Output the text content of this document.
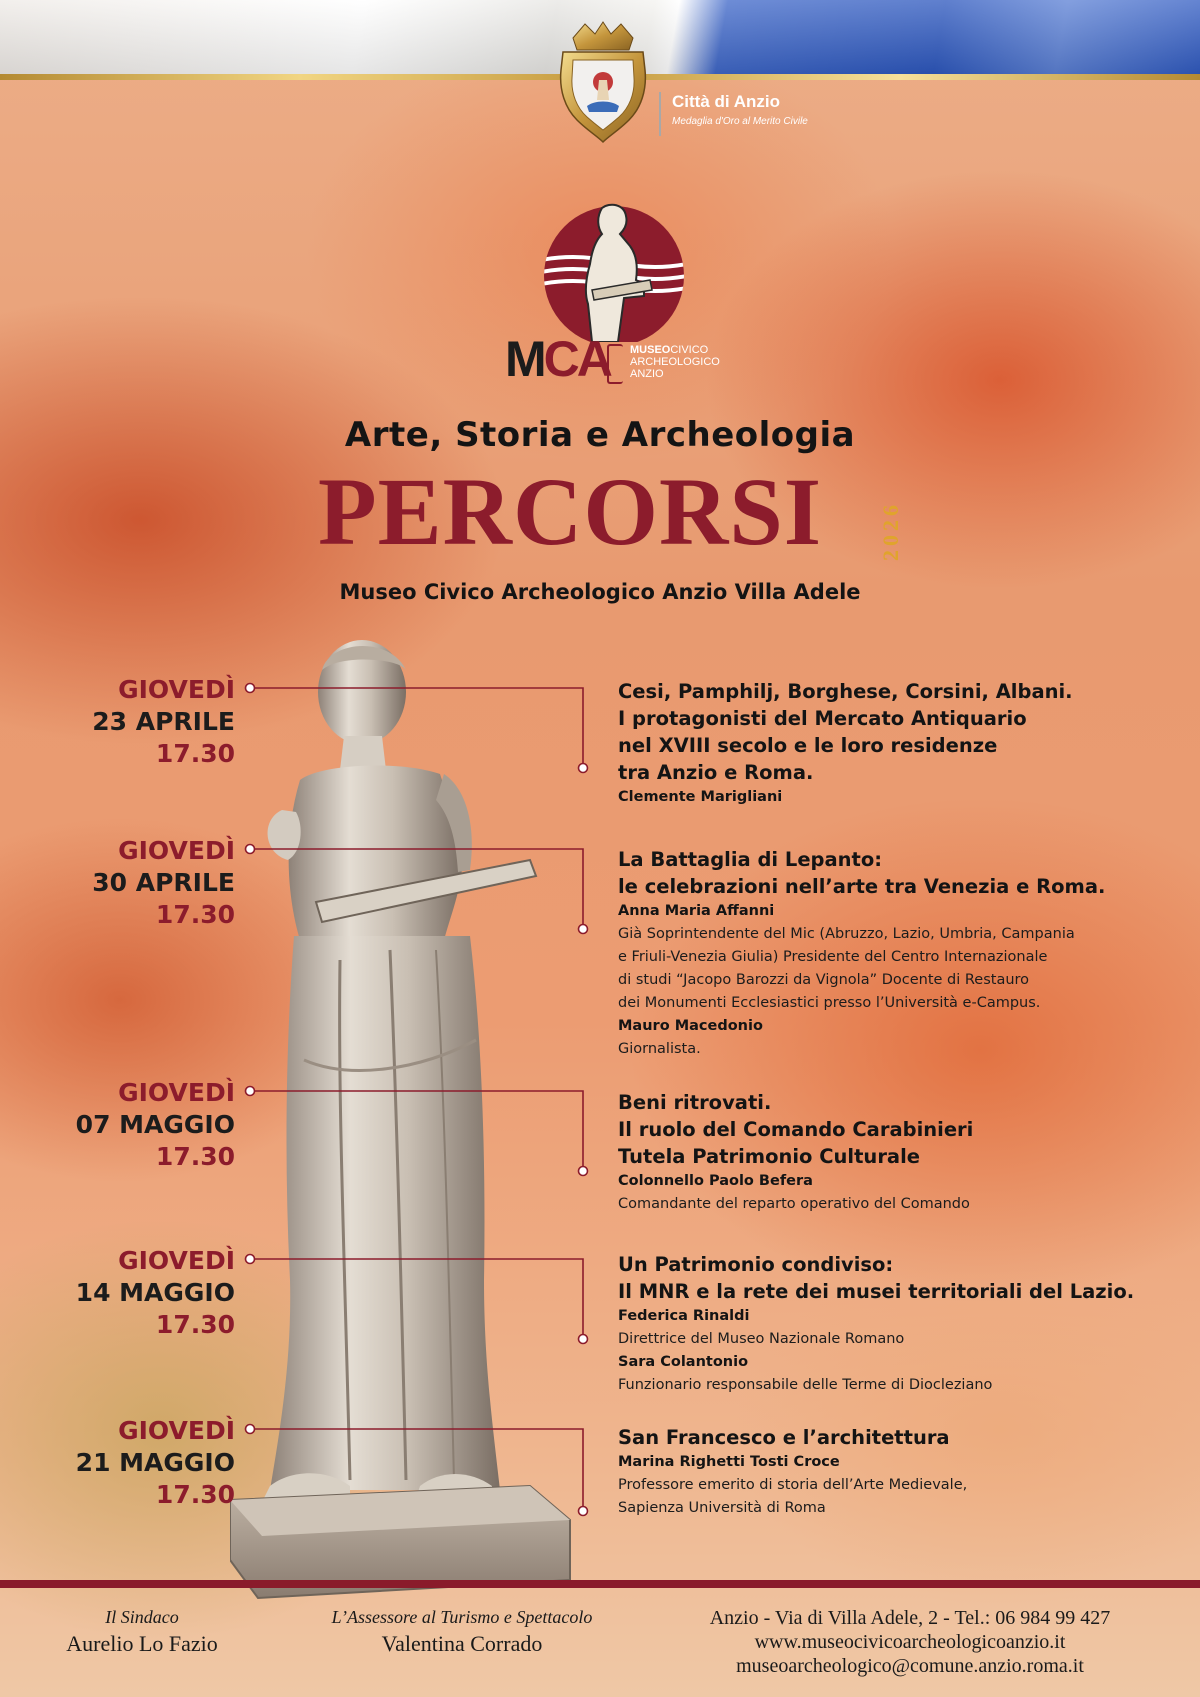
Città di Anzio
Medaglia d'Oro al Merito Civile
MCA MUSEOCIVICO
ARCHEOLOGICO
ANZIO
Arte, Storia e Archeologia
PERCORSI	2026
Museo Civico Archeologico Anzio Villa Adele
GIOVEDÌ
23 APRILE
17.30
GIOVEDÌ
30 APRILE
17.30
GIOVEDÌ
07 MAGGIO
17.30
GIOVEDÌ
14 MAGGIO
17.30
GIOVEDÌ
21 MAGGIO
17.30
Cesi, Pamphilj, Borghese, Corsini, Albani.
I protagonisti del Mercato Antiquario
nel XVIII secolo e le loro residenze
tra Anzio e Roma.
Clemente Marigliani
La Battaglia di Lepanto:
le celebrazioni nell’arte tra Venezia e Roma.
Anna Maria Affanni
Già Soprintendente del Mic (Abruzzo, Lazio, Umbria, Campania
e Friuli-Venezia Giulia) Presidente del Centro Internazionale
di studi “Jacopo Barozzi da Vignola” Docente di Restauro
dei Monumenti Ecclesiastici presso l’Università e-Campus.
Mauro Macedonio
Giornalista.
Beni ritrovati.
Il ruolo del Comando Carabinieri
Tutela Patrimonio Culturale
Colonnello Paolo Befera
Comandante del reparto operativo del Comando
Un Patrimonio condiviso:
Il MNR e la rete dei musei territoriali del Lazio.
Federica Rinaldi
Direttrice del Museo Nazionale Romano
Sara Colantonio
Funzionario responsabile delle Terme di Diocleziano
San Francesco e l’architettura
Marina Righetti Tosti Croce
Professore emerito di storia dell’Arte Medievale,
Sapienza Università di Roma
Il Sindaco
Aurelio Lo Fazio
L’Assessore al Turismo e Spettacolo
Valentina Corrado
Anzio - Via di Villa Adele, 2 - Tel.: 06 984 99 427
www.museocivicoarcheologicoanzio.it
museoarcheologico@comune.anzio.roma.it
